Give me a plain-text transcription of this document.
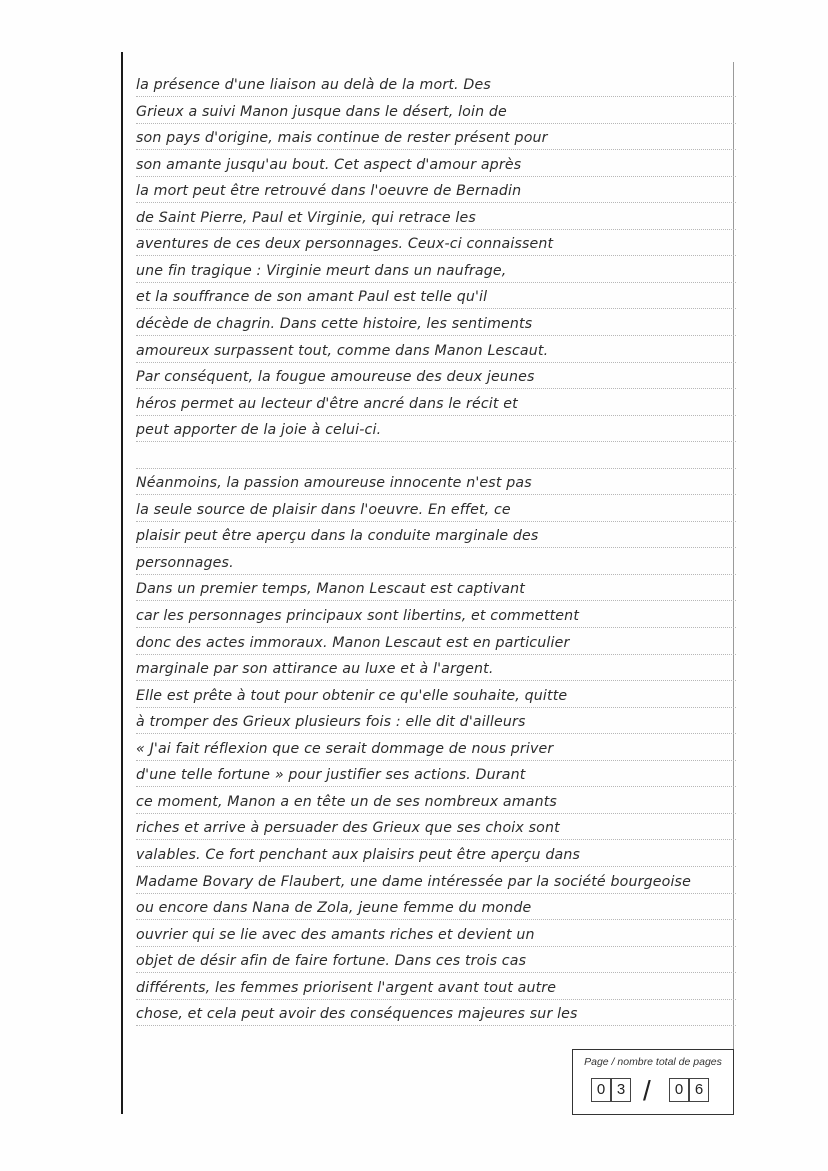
la présence d'une liaison au delà de la mort. Des
Grieux a suivi Manon jusque dans le désert, loin de
son pays d'origine, mais continue de rester présent pour
son amante jusqu'au bout. Cet aspect d'amour après
la mort peut être retrouvé dans l'oeuvre de Bernadin
de Saint Pierre, Paul et Virginie, qui retrace les
aventures de ces deux personnages. Ceux-ci connaissent
une fin tragique : Virginie meurt dans un naufrage,
et la souffrance de son amant Paul est telle qu'il
décède de chagrin. Dans cette histoire, les sentiments
amoureux surpassent tout, comme dans Manon Lescaut.
Par conséquent, la fougue amoureuse des deux jeunes
héros permet au lecteur d'être ancré dans le récit et
peut apporter de la joie à celui-ci.
Néanmoins, la passion amoureuse innocente n'est pas
la seule source de plaisir dans l'oeuvre. En effet, ce
plaisir peut être aperçu dans la conduite marginale des
personnages.
Dans un premier temps, Manon Lescaut est captivant
car les personnages principaux sont libertins, et commettent
donc des actes immoraux. Manon Lescaut est en particulier
marginale par son attirance au luxe et à l'argent.
Elle est prête à tout pour obtenir ce qu'elle souhaite, quitte
à tromper des Grieux plusieurs fois : elle dit d'ailleurs
« J'ai fait réflexion que ce serait dommage de nous priver
d'une telle fortune » pour justifier ses actions. Durant
ce moment, Manon a en tête un de ses nombreux amants
riches et arrive à persuader des Grieux que ses choix sont
valables. Ce fort penchant aux plaisirs peut être aperçu dans
Madame Bovary de Flaubert, une dame intéressée par la société bourgeoise
ou encore dans Nana de Zola, jeune femme du monde
ouvrier qui se lie avec des amants riches et devient un
objet de désir afin de faire fortune. Dans ces trois cas
différents, les femmes priorisent l'argent avant tout autre
chose, et cela peut avoir des conséquences majeures sur les
Page / nombre total de pages
0 3 /	0 6
